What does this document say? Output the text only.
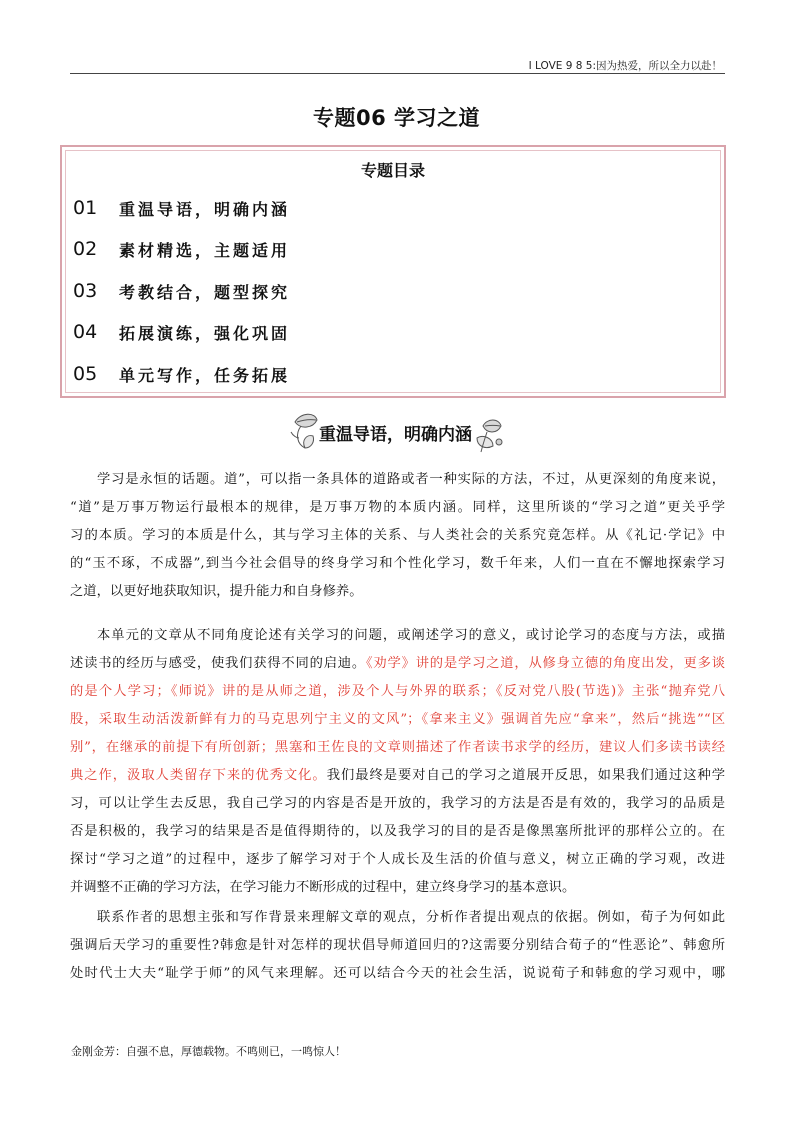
I LOVE 9 8 5:因为热爱，所以全力以赴！
专题06 学习之道
专题目录
01	重温导语，明确内涵
02	素材精选，主题适用
03	考教结合，题型探究
04	拓展演练，强化巩固
05	单元写作，任务拓展
重温导语，明确内涵
学习是永恒的话题。道”，可以指一条具体的道路或者一种实际的方法，不过，从更深刻的角度来说，
“道”是万事万物运行最根本的规律，是万事万物的本质内涵。同样，这里所谈的“学习之道”更关乎学
习的本质。学习的本质是什么，其与学习主体的关系、与人类社会的关系究竟怎样。从《礼记·学记》中
的“玉不琢，不成器”,到当今社会倡导的终身学习和个性化学习，数千年来，人们一直在不懈地探索学习
之道，以更好地获取知识，提升能力和自身修养。
本单元的文章从不同角度论述有关学习的问题，或阐述学习的意义，或讨论学习的态度与方法，或描
述读书的经历与感受，使我们获得不同的启迪。《劝学》讲的是学习之道，从修身立德的角度出发，更多谈
的是个人学习；《师说》讲的是从师之道，涉及个人与外界的联系；《反对党八股(节选)》主张“抛弃党八
股，采取生动活泼新鲜有力的马克思列宁主义的文风”；《拿来主义》强调首先应“拿来”，然后“挑选”“区
别”，在继承的前提下有所创新；黑塞和王佐良的文章则描述了作者读书求学的经历，建议人们多读书读经
典之作，汲取人类留存下来的优秀文化。我们最终是要对自己的学习之道展开反思，如果我们通过这种学
习，可以让学生去反思，我自己学习的内容是否是开放的，我学习的方法是否是有效的，我学习的品质是
否是积极的，我学习的结果是否是值得期待的，以及我学习的目的是否是像黑塞所批评的那样公立的。在
探讨“学习之道”的过程中，逐步了解学习对于个人成长及生活的价值与意义，树立正确的学习观，改进
并调整不正确的学习方法，在学习能力不断形成的过程中，建立终身学习的基本意识。
联系作者的思想主张和写作背景来理解文章的观点，分析作者提出观点的依据。例如，荀子为何如此
强调后天学习的重要性?韩愈是针对怎样的现状倡导师道回归的?这需要分别结合荀子的“性恶论”、韩愈所
处时代士大夫“耻学于师”的风气来理解。还可以结合今天的社会生活，说说荀子和韩愈的学习观中，哪
金刚金芳：自强不息，厚德载物。不鸣则已，一鸣惊人！
